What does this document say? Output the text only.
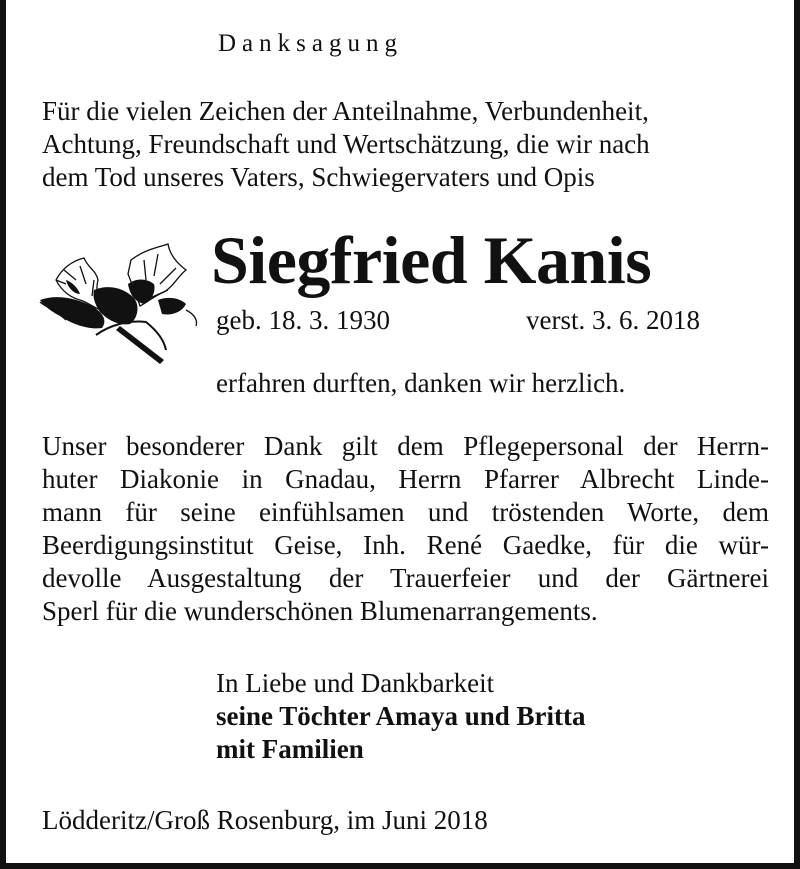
Danksagung
Für die vielen Zeichen der Anteilnahme, Verbundenheit,
Achtung, Freundschaft und Wertschätzung, die wir nach
dem Tod unseres Vaters, Schwiegervaters und Opis
Siegfried Kanis
geb. 18. 3. 1930	verst. 3. 6. 2018
erfahren durften, danken wir herzlich.
Unser besonderer Dank gilt dem Pflegepersonal der Herrn-
huter Diakonie in Gnadau, Herrn Pfarrer Albrecht Linde-
mann für seine einfühlsamen und tröstenden Worte, dem
Beerdigungsinstitut Geise, Inh. René Gaedke, für die wür-
devolle Ausgestaltung der Trauerfeier und der Gärtnerei
Sperl für die wunderschönen Blumenarrangements.
In Liebe und Dankbarkeit
seine Töchter Amaya und Britta
mit Familien
Lödderitz/Groß Rosenburg, im Juni 2018
